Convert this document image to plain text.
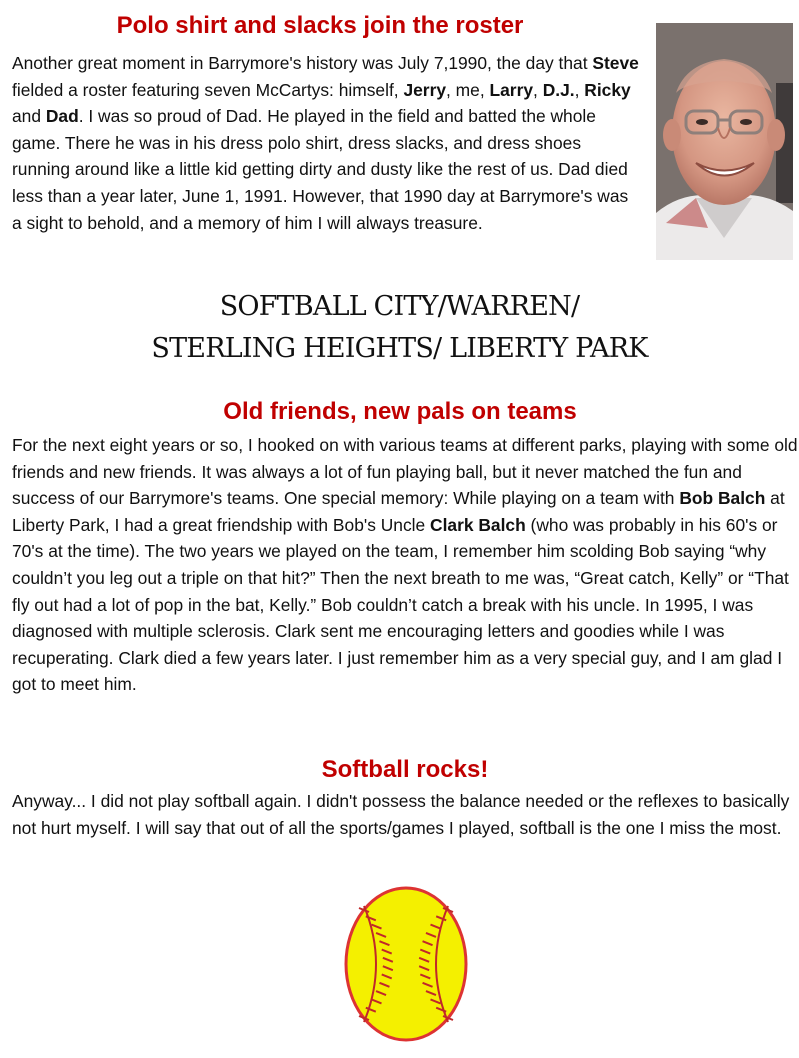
Polo shirt and slacks join the roster
Another great moment in Barrymore's history was July 7,1990, the day that Steve fielded a roster featuring seven McCartys: himself, Jerry, me, Larry, D.J., Ricky and Dad. I was so proud of Dad. He played in the field and batted the whole game. There he was in his dress polo shirt, dress slacks, and dress shoes running around like a little kid getting dirty and dusty like the rest of us. Dad died less than a year later, June 1, 1991. However, that 1990 day at Barrymore's was a sight to behold, and a memory of him I will always treasure.
SOFTBALL CITY/WARREN/
STERLING HEIGHTS/ LIBERTY PARK
Old friends, new pals on teams
For the next eight years or so, I hooked on with various teams at different parks, playing with some old friends and new friends. It was always a lot of fun playing ball, but it never matched the fun and success of our Barrymore's teams. One special memory: While playing on a team with Bob Balch at Liberty Park, I had a great friendship with Bob's Uncle Clark Balch (who was probably in his 60's or 70's at the time). The two years we played on the team, I remember him scolding Bob saying “why couldn’t you leg out a triple on that hit?” Then the next breath to me was, “Great catch, Kelly” or “That fly out had a lot of pop in the bat, Kelly.” Bob couldn’t catch a break with his uncle. In 1995, I was diagnosed with multiple sclerosis. Clark sent me encouraging letters and goodies while I was recuperating. Clark died a few years later. I just remember him as a very special guy, and I am glad I got to meet him.
Softball rocks!
Anyway... I did not play softball again. I didn't possess the balance needed or the reflexes to basically not hurt myself. I will say that out of all the sports/games I played, softball is the one I miss the most.
